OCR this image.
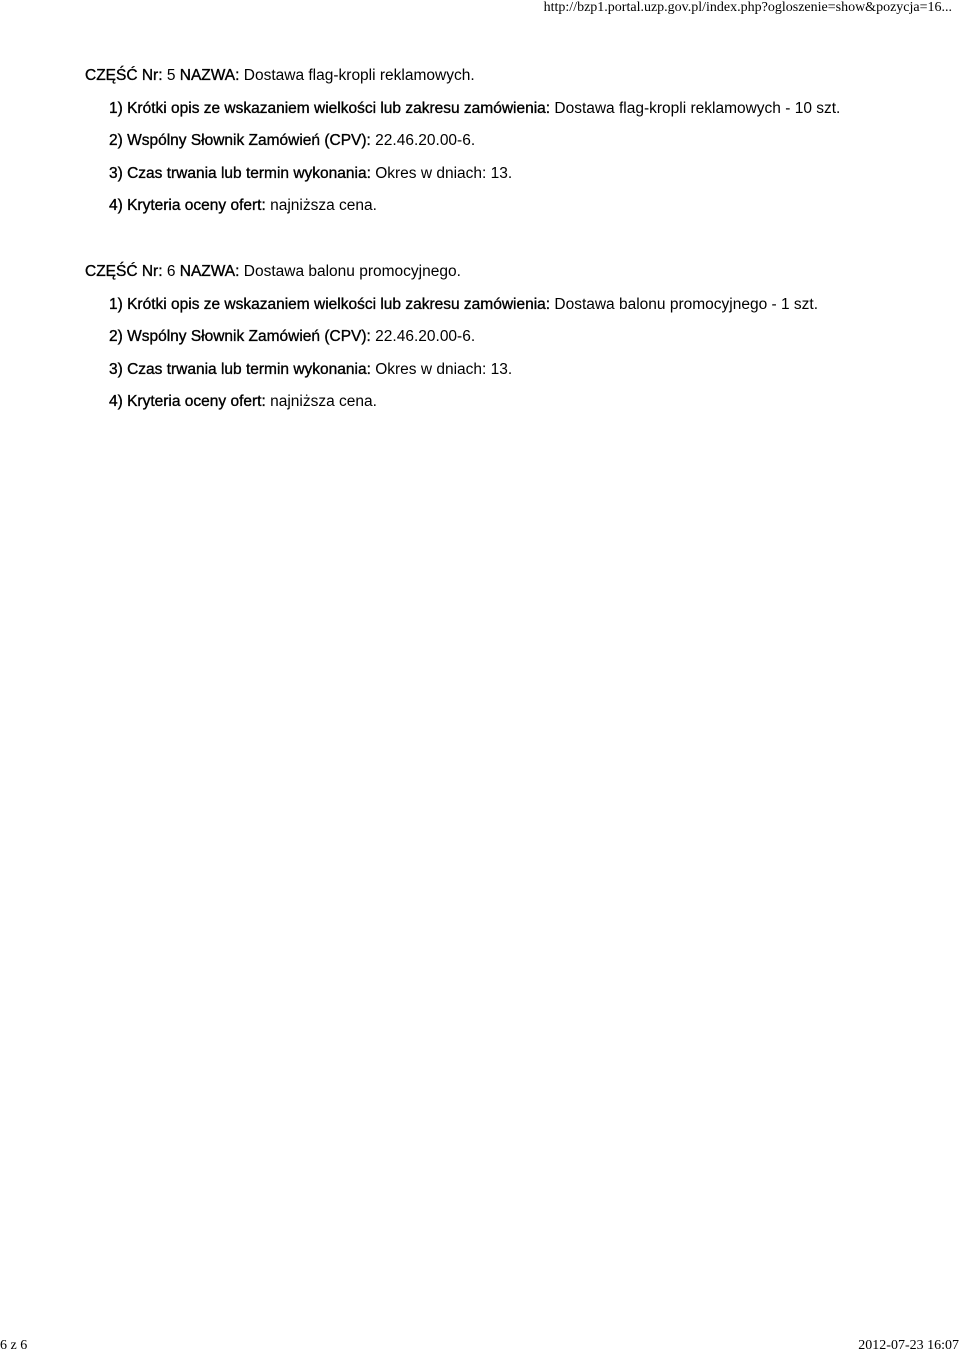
http://bzp1.portal.uzp.gov.pl/index.php?ogloszenie=show&pozycja=16...

CZĘŚĆ Nr: 5 NAZWA: Dostawa flag-kropli reklamowych.

1) Krótki opis ze wskazaniem wielkości lub zakresu zamówienia: Dostawa flag-kropli reklamowych - 10 szt.

2) Wspólny Słownik Zamówień (CPV): 22.46.20.00-6.

3) Czas trwania lub termin wykonania: Okres w dniach: 13.

4) Kryteria oceny ofert: najniższa cena.

CZĘŚĆ Nr: 6 NAZWA: Dostawa balonu promocyjnego.

1) Krótki opis ze wskazaniem wielkości lub zakresu zamówienia: Dostawa balonu promocyjnego - 1 szt.

2) Wspólny Słownik Zamówień (CPV): 22.46.20.00-6.

3) Czas trwania lub termin wykonania: Okres w dniach: 13.

4) Kryteria oceny ofert: najniższa cena.

6 z 6	2012-07-23 16:07
